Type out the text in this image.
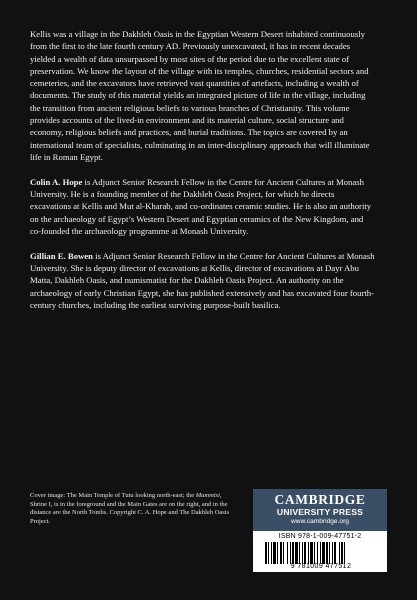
Kellis was a village in the Dakhleh Oasis in the Egyptian Western Desert inhabited continuously from the first to the late fourth century AD. Previously unexcavated, it has in recent decades yielded a wealth of data unsurpassed by most sites of the period due to the excellent state of preservation. We know the layout of the village with its temples, churches, residential sectors and cemeteries, and the excavators have retrieved vast quantities of artefacts, including a wealth of documents. The study of this material yields an integrated picture of life in the village, including the transition from ancient religious beliefs to various branches of Christianity. This volume provides accounts of the lived-in environment and its material culture, social structure and economy, religious beliefs and practices, and burial traditions. The topics are covered by an international team of specialists, culminating in an inter-disciplinary approach that will illuminate life in Roman Egypt.

Colin A. Hope is Adjunct Senior Research Fellow in the Centre for Ancient Cultures at Monash University. He is a founding member of the Dakhleh Oasis Project, for which he directs excavations at Kellis and Mut al-Kharab, and co-ordinates ceramic studies. He is also an authority on the archaeology of Egypt’s Western Desert and Egyptian ceramics of the New Kingdom, and co-founded the archaeology programme at Monash University.

Gillian E. Bowen is Adjunct Senior Research Fellow in the Centre for Ancient Cultures at Monash University. She is deputy director of excavations at Kellis, director of excavations at Dayr Abu Matta, Dakhleh Oasis, and numismatist for the Dakhleh Oasis Project. An authority on the archaeology of early Christian Egypt, she has published extensively and has excavated four fourth-century churches, including the earliest surviving purpose-built basilica.

Cover image: The Main Temple of Tutu looking north-east; the Mammisi, Shrine I, is in the foreground and the Main Gates are on the right, and in the distance are the North Tombs. Copyright C. A. Hope and The Dakhleh Oasis Project.
CAMBRIDGE
UNIVERSITY PRESS
www.cambridge.org
ISBN 978-1-009-47751-2
9 781009 477512
